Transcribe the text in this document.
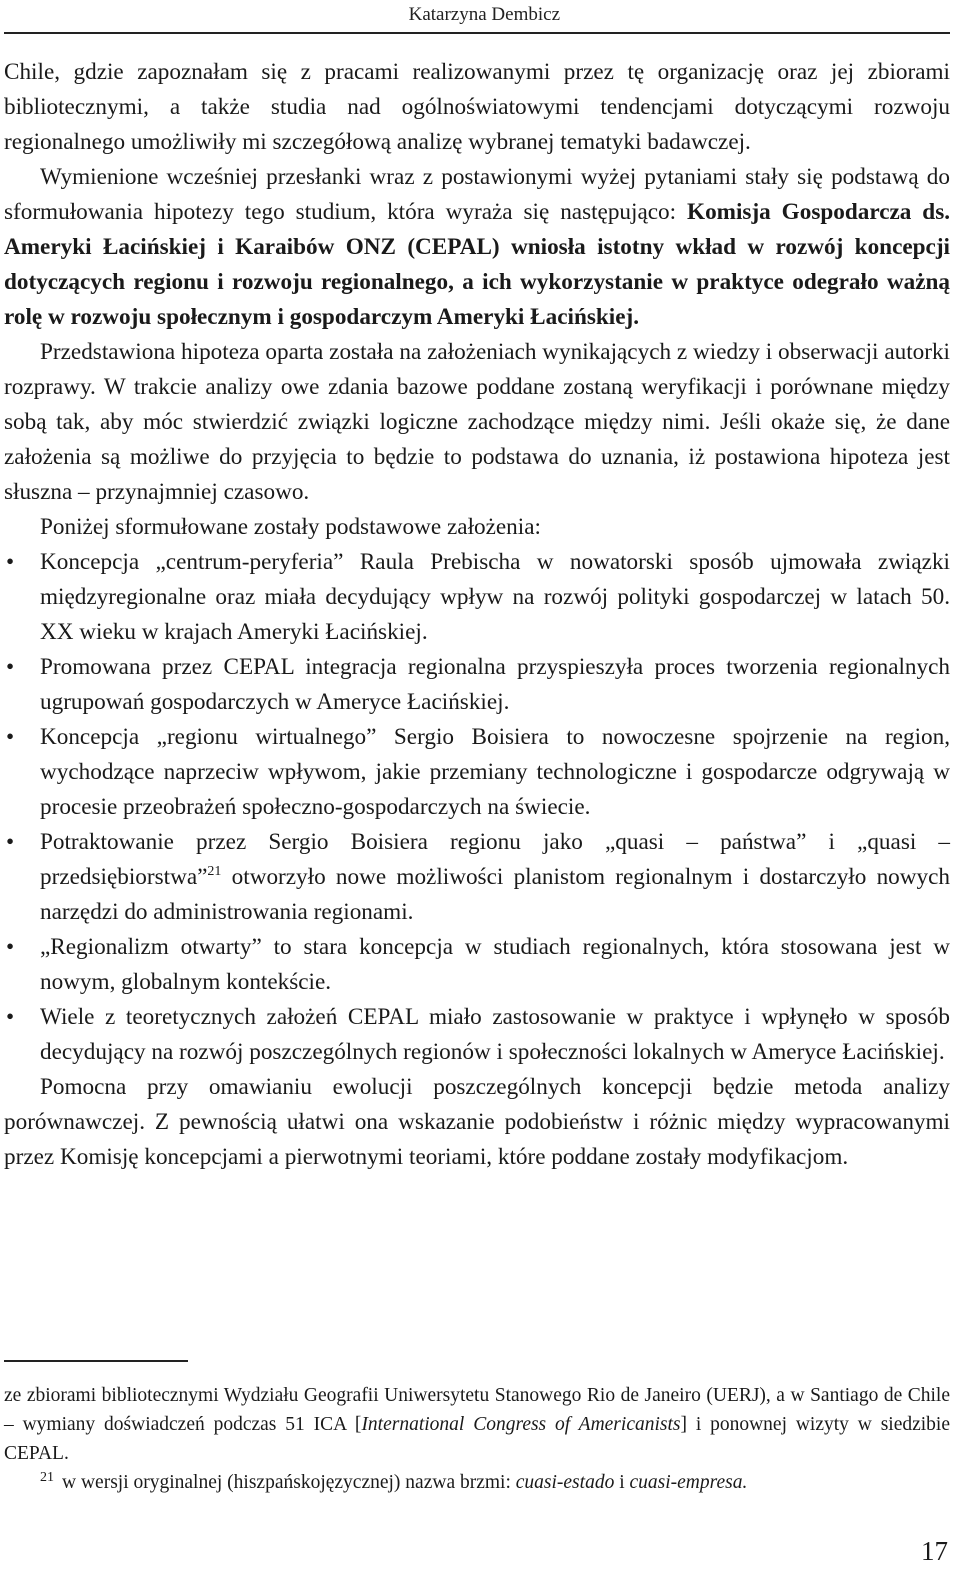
Katarzyna Dembicz

Chile, gdzie zapoznałam się z pracami realizowanymi przez tę organizację oraz jej zbiorami bibliotecznymi, a także studia nad ogólnoświatowymi tendencjami dotyczącymi rozwoju regionalnego umożliwiły mi szczegółową analizę wybranej tematyki badawczej.

Wymienione wcześniej przesłanki wraz z postawionymi wyżej pytaniami stały się podstawą do sformułowania hipotezy tego studium, która wyraża się następująco: Komisja Gospodarcza ds. Ameryki Łacińskiej i Karaibów ONZ (CEPAL) wniosła istotny wkład w rozwój koncepcji dotyczących regionu i rozwoju regionalnego, a ich wykorzystanie w praktyce odegrało ważną rolę w rozwoju społecznym i gospodarczym Ameryki Łacińskiej.

Przedstawiona hipoteza oparta została na założeniach wynikających z wiedzy i obserwacji autorki rozprawy. W trakcie analizy owe zdania bazowe poddane zostaną weryfikacji i porównane między sobą tak, aby móc stwierdzić związki logiczne zachodzące między nimi. Jeśli okaże się, że dane założenia są możliwe do przyjęcia to będzie to podstawa do uznania, iż postawiona hipoteza jest słuszna – przynajmniej czasowo.

Poniżej sformułowane zostały podstawowe założenia:

• Koncepcja „centrum-peryferia” Raula Prebischa w nowatorski sposób ujmowała związki międzyregionalne oraz miała decydujący wpływ na rozwój polityki gospodarczej w latach 50. XX wieku w krajach Ameryki Łacińskiej.
• Promowana przez CEPAL integracja regionalna przyspieszyła proces tworzenia regionalnych ugrupowań gospodarczych w Ameryce Łacińskiej.
• Koncepcja „regionu wirtualnego” Sergio Boisiera to nowoczesne spojrzenie na region, wychodzące naprzeciw wpływom, jakie przemiany technologiczne i gospodarcze odgrywają w procesie przeobrażeń społeczno-gospodarczych na świecie.
• Potraktowanie przez Sergio Boisiera regionu jako „quasi – państwa” i „quasi – przedsiębiorstwa”$^{21}$ otworzyło nowe możliwości planistom regionalnym i dostarczyło nowych narzędzi do administrowania regionami.
• „Regionalizm otwarty” to stara koncepcja w studiach regionalnych, która stosowana jest w nowym, globalnym kontekście.
• Wiele z teoretycznych założeń CEPAL miało zastosowanie w praktyce i wpłynęło w sposób decydujący na rozwój poszczególnych regionów i społeczności lokalnych w Ameryce Łacińskiej.

Pomocna przy omawianiu ewolucji poszczególnych koncepcji będzie metoda analizy porównawczej. Z pewnością ułatwi ona wskazanie podobieństw i różnic między wypracowanymi przez Komisję koncepcjami a pierwotnymi teoriami, które poddane zostały modyfikacjom.

ze zbiorami bibliotecznymi Wydziału Geografii Uniwersytetu Stanowego Rio de Janeiro (UERJ), a w Santiago de Chile – wymiany doświadczeń podczas 51 ICA [International Congress of Americanists] i ponownej wizyty w siedzibie CEPAL.

21 w wersji oryginalnej (hiszpańskojęzycznej) nazwa brzmi: cuasi-estado i cuasi-empresa.

17
